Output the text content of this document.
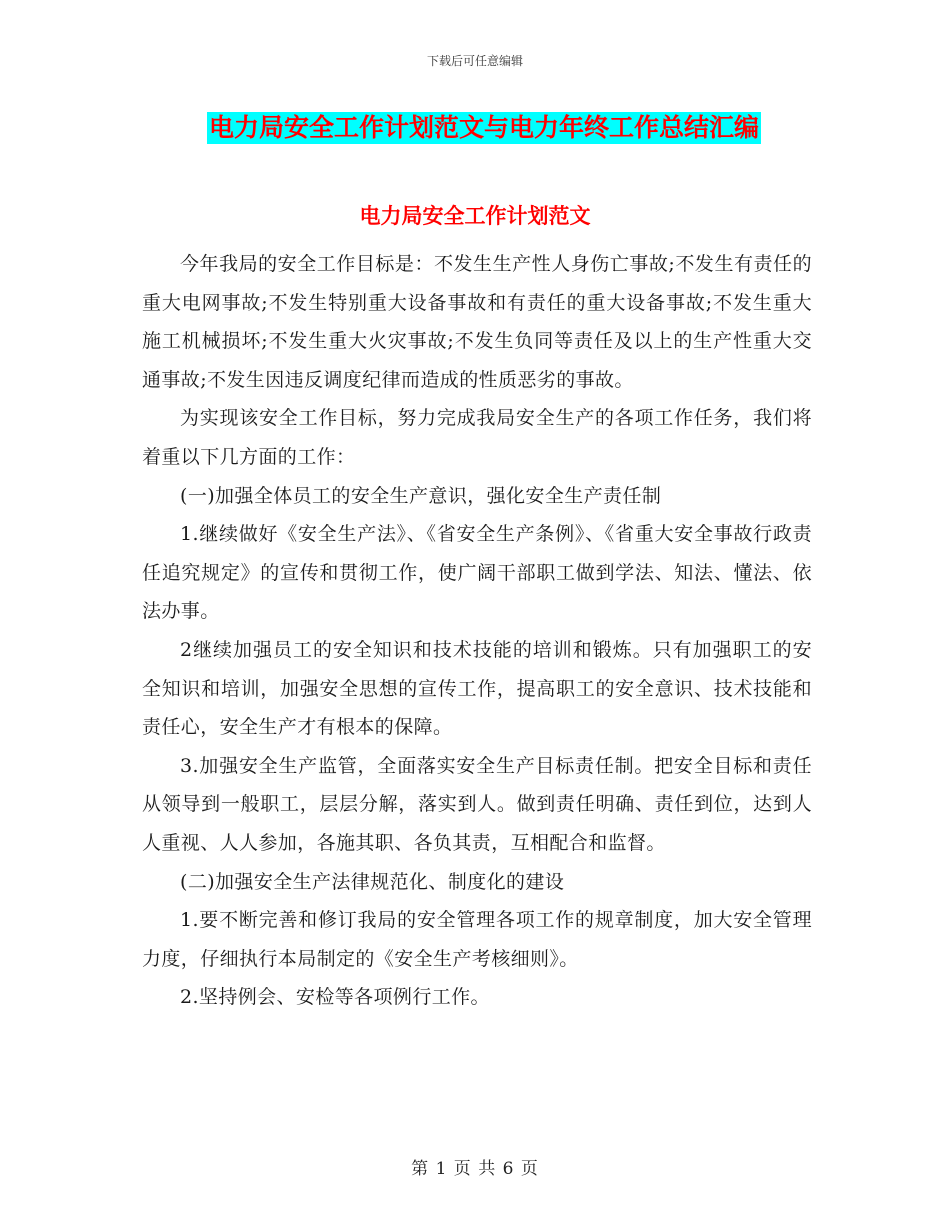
下载后可任意编辑
电力局安全工作计划范文与电力年终工作总结汇编
电力局安全工作计划范文

今年我局的安全工作目标是：不发生生产性人身伤亡事故;不发生有责任的重大电网事故;不发生特别重大设备事故和有责任的重大设备事故;不发生重大施工机械损坏;不发生重大火灾事故;不发生负同等责任及以上的生产性重大交通事故;不发生因违反调度纪律而造成的性质恶劣的事故。

为实现该安全工作目标，努力完成我局安全生产的各项工作任务，我们将着重以下几方面的工作：

(一)加强全体员工的安全生产意识，强化安全生产责任制

1.继续做好《安全生产法》、《省安全生产条例》、《省重大安全事故行政责任追究规定》的宣传和贯彻工作，使广阔干部职工做到学法、知法、懂法、依法办事。

2继续加强员工的安全知识和技术技能的培训和锻炼。只有加强职工的安全知识和培训，加强安全思想的宣传工作，提高职工的安全意识、技术技能和责任心，安全生产才有根本的保障。

3.加强安全生产监管，全面落实安全生产目标责任制。把安全目标和责任从领导到一般职工，层层分解，落实到人。做到责任明确、责任到位，达到人人重视、人人参加，各施其职、各负其责，互相配合和监督。

(二)加强安全生产法律规范化、制度化的建设

1.要不断完善和修订我局的安全管理各项工作的规章制度，加大安全管理力度，仔细执行本局制定的《安全生产考核细则》。

2.坚持例会、安检等各项例行工作。

第 1 页 共 6 页
